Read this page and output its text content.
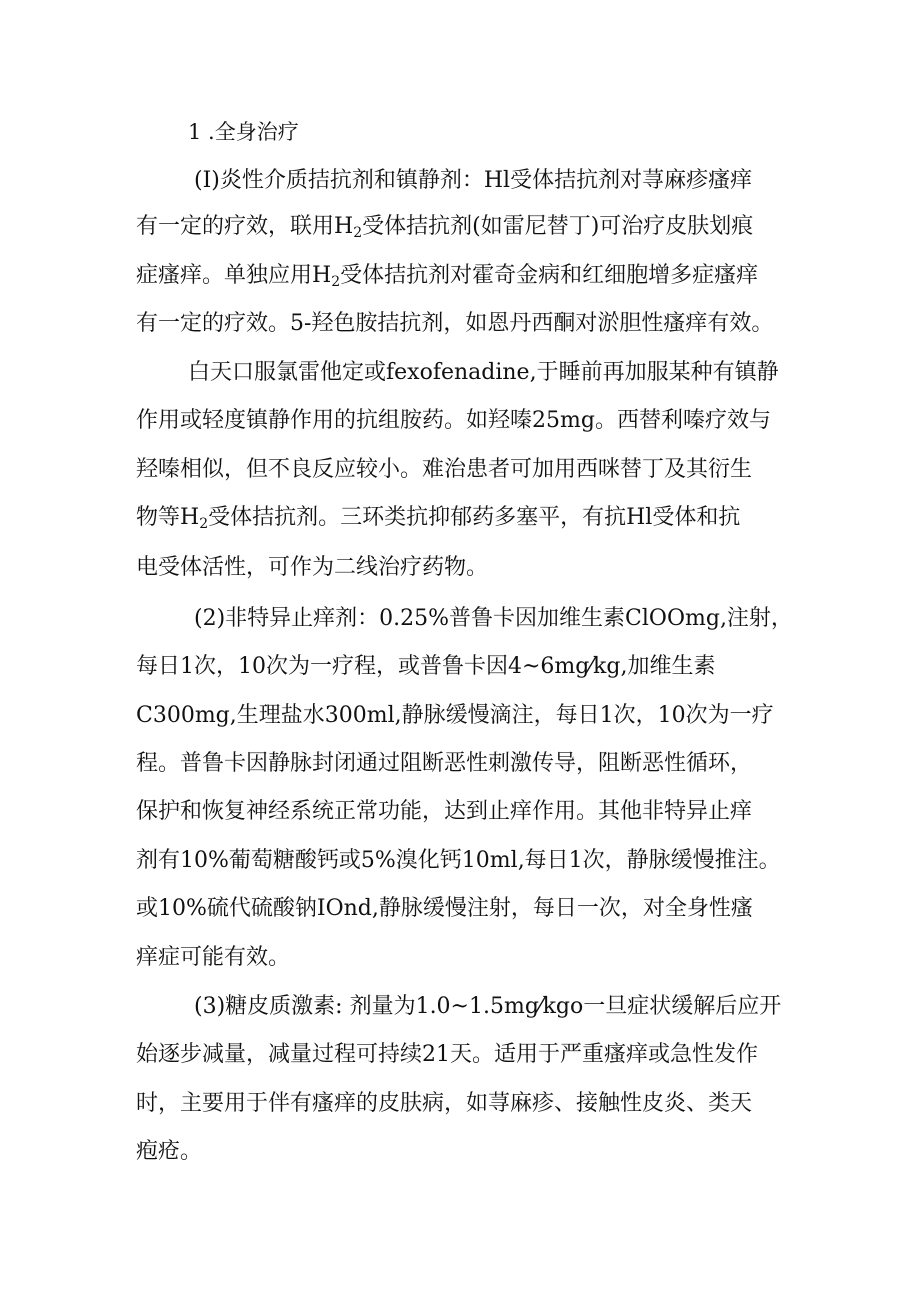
1 .全身治疗

(I)炎性介质拮抗剂和镇静剂：Hl受体拮抗剂对荨麻疹瘙痒

有一定的疗效，联用$H_2$受体拮抗剂(如雷尼替丁)可治疗皮肤划痕

症瘙痒。单独应用$H_2$受体拮抗剂对霍奇金病和红细胞增多症瘙痒

有一定的疗效。5-羟色胺拮抗剂，如恩丹西酮对淤胆性瘙痒有效。

白天口服氯雷他定或fexofenadine,于睡前再加服某种有镇静

作用或轻度镇静作用的抗组胺药。如羟嗪25mg。西替利嗪疗效与

羟嗪相似，但不良反应较小。难治患者可加用西咪替丁及其衍生

物等$H_2$受体拮抗剂。三环类抗抑郁药多塞平，有抗Hl受体和抗

电受体活性，可作为二线治疗药物。

(2)非特异止痒剂：0.25%普鲁卡因加维生素ClOOmg,注射，

每日1次，10次为一疗程，或普鲁卡因4~6mg⁄kg,加维生素

C300mg,生理盐水300ml,静脉缓慢滴注，每日1次，10次为一疗

程。普鲁卡因静脉封闭通过阻断恶性刺激传导，阻断恶性循环，

保护和恢复神经系统正常功能，达到止痒作用。其他非特异止痒

剂有10%葡萄糖酸钙或5%溴化钙10ml,每日1次，静脉缓慢推注。

或10%硫代硫酸钠IOnd,静脉缓慢注射，每日一次，对全身性瘙

痒症可能有效。

(3)糖皮质激素: 剂量为1.0~1.5mg⁄kgo一旦症状缓解后应开

始逐步减量，减量过程可持续21天。适用于严重瘙痒或急性发作

时，主要用于伴有瘙痒的皮肤病，如荨麻疹、接触性皮炎、类天

疱疮。
